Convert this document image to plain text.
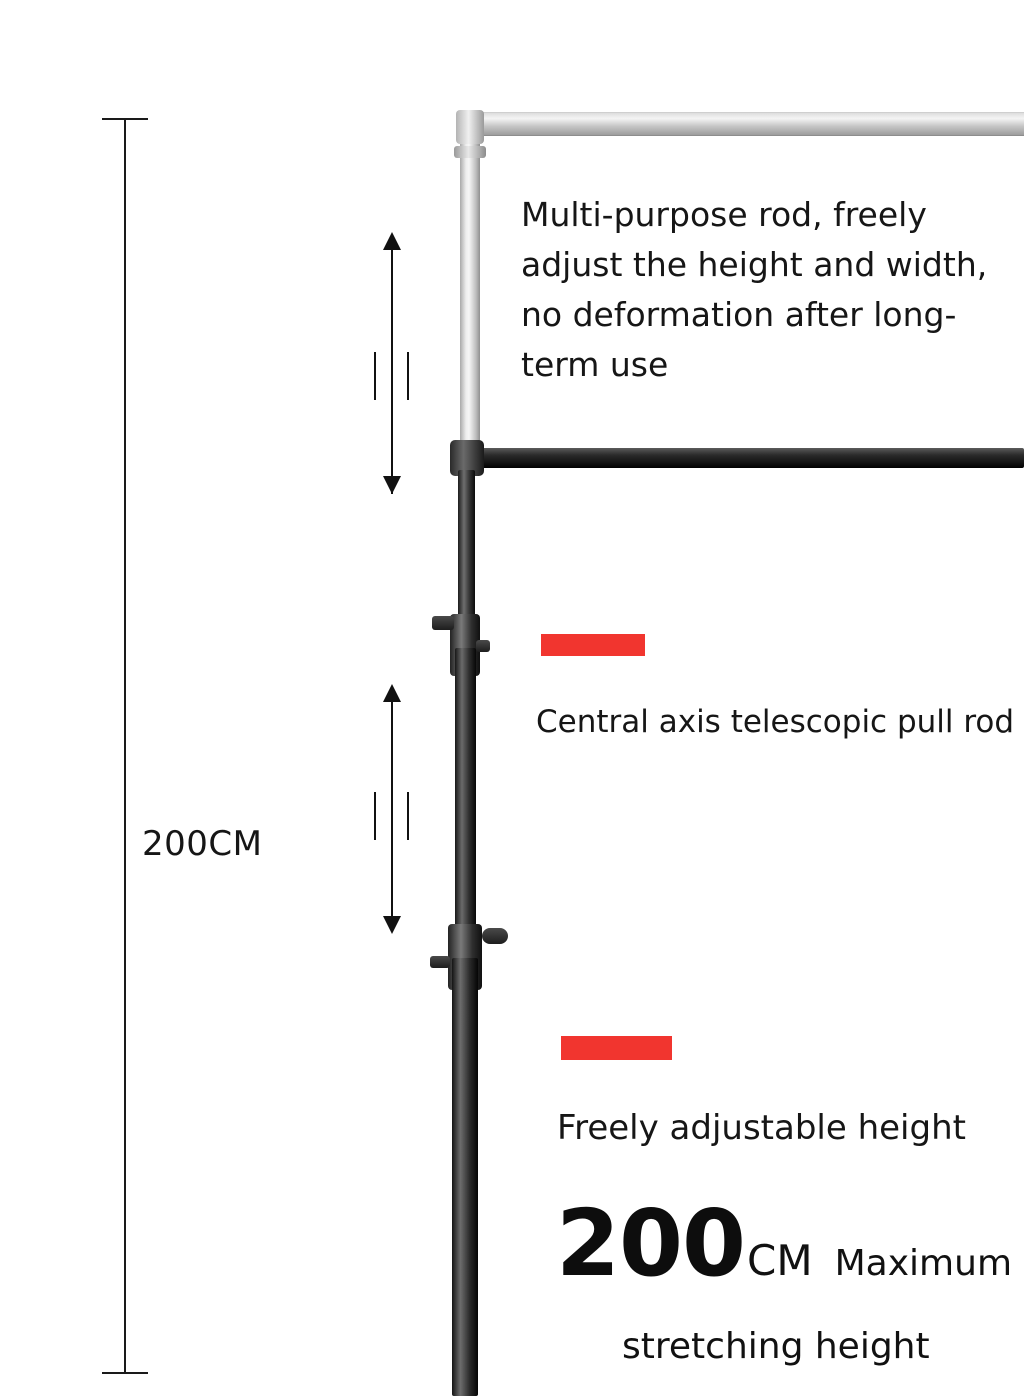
200CM
Multi-purpose rod, freely adjust the height and width, no deformation after long-term use
Central axis telescopic pull rod
Freely adjustable height
200 CM Maximum
stretching height
